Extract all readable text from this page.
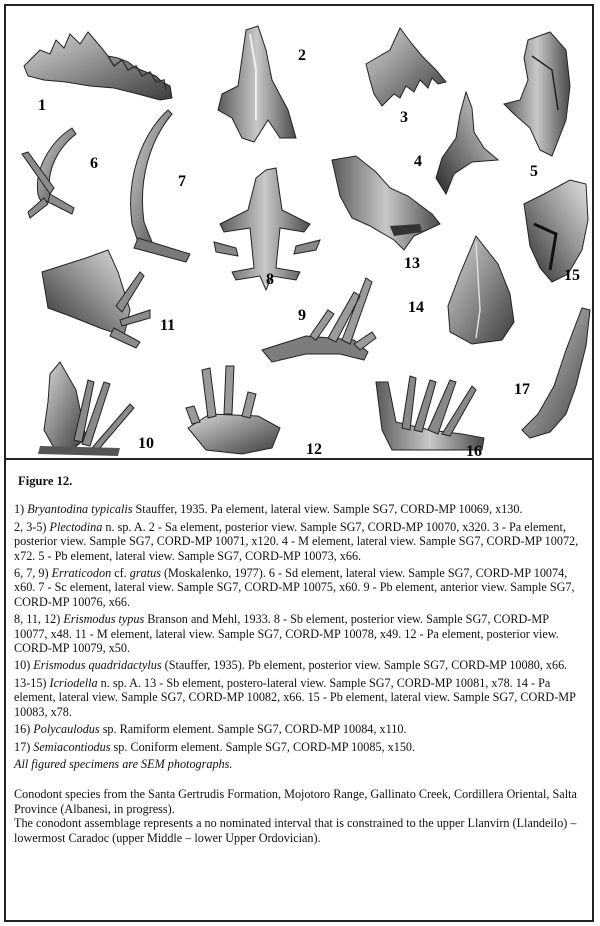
1
2
3
4
5
6
7
8
9
10
11
12
13
14
15
16
17
Figure 12.
1) Bryantodina typicalis Stauffer, 1935. Pa element, lateral view. Sample SG7, CORD-MP 10069, x130.
2, 3-5) Plectodina n. sp. A. 2 - Sa element, posterior view. Sample SG7, CORD-MP 10070, x320. 3 - Pa element, posterior view. Sample SG7, CORD-MP 10071, x120. 4 - M element, lateral view. Sample SG7, CORD-MP 10072, x72. 5 - Pb element, lateral view. Sample SG7, CORD-MP 10073, x66.
6, 7, 9) Erraticodon cf. gratus (Moskalenko, 1977). 6 - Sd element, lateral view. Sample SG7, CORD-MP 10074, x60. 7 - Sc element, lateral view. Sample SG7, CORD-MP 10075, x60. 9 - Pb element, anterior view. Sample SG7, CORD-MP 10076, x66.
8, 11, 12) Erismodus typus Branson and Mehl, 1933. 8 - Sb element, posterior view. Sample SG7, CORD-MP 10077, x48. 11 - M element, lateral view. Sample SG7, CORD-MP 10078, x49. 12 - Pa element, posterior view. CORD-MP 10079, x50.
10) Erismodus quadridactylus (Stauffer, 1935). Pb element, posterior view. Sample SG7, CORD-MP 10080, x66.
13-15) Icriodella n. sp. A. 13 - Sb element, postero-lateral view. Sample SG7, CORD-MP 10081, x78. 14 - Pa element, lateral view. Sample SG7, CORD-MP 10082, x66. 15 - Pb element, lateral view. Sample SG7, CORD-MP 10083, x78.
16) Polycaulodus sp. Ramiform element. Sample SG7, CORD-MP 10084, x110.
17) Semiacontiodus sp. Coniform element. Sample SG7, CORD-MP 10085, x150.
All figured specimens are SEM photographs.
Conodont species from the Santa Gertrudis Formation, Mojotoro Range, Gallinato Creek, Cordillera Oriental, Salta Province (Albanesi, in progress).
The conodont assemblage represents a no nominated interval that is constrained to the upper Llanvirn (Llandeilo) – lowermost Caradoc (upper Middle – lower Upper Ordovician).
